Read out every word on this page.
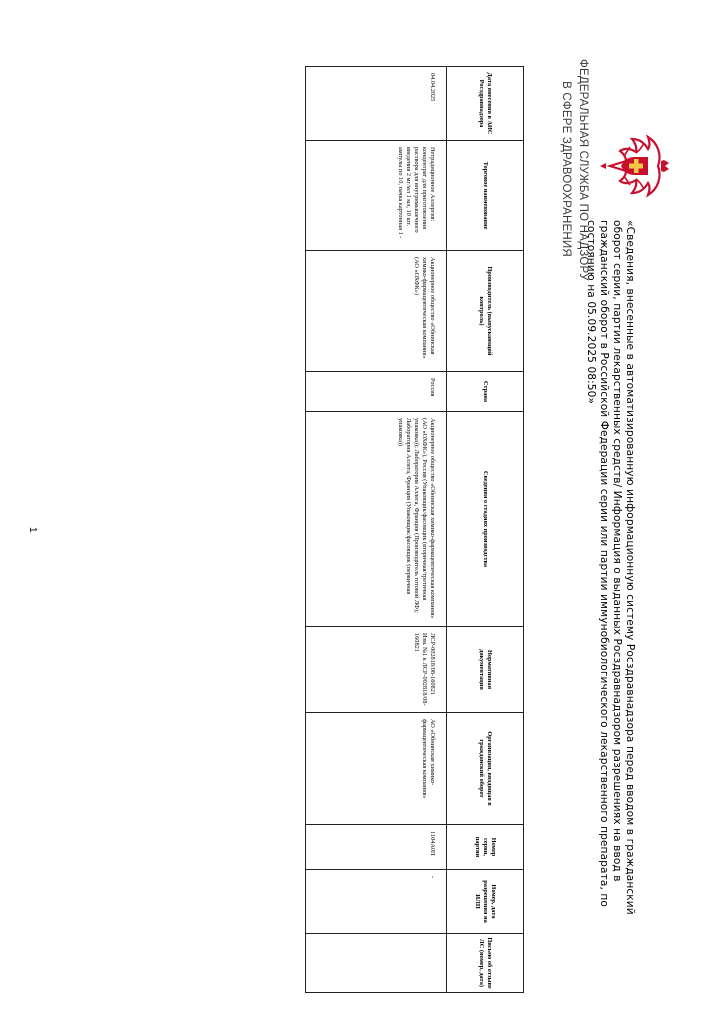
ФЕДЕРАЛЬНАЯ СЛУЖБА ПО НАДЗОРУ
В СФЕРЕ ЗДРАВООХРАНЕНИЯ
«Сведения, внесенные в автоматизированную информационную систему Росздравнадзора перед вводом в гражданский оборот серии, партии лекарственных средств/ Информация о выданных Росздравнадзором разрешениях на ввод в гражданский оборот в Российской Федерации серии или партии иммунобиологического лекарственного препарата, по состоянию на 05.09.2025 08:50»
Дата внесения в АИС Росздравнадзора	Торговое наименование	Производитель (выпускающий контроль)	Страна	Сведения о стадиях производства	Нормативная документация	Организация, вводящая в гражданский оборот	Номер серии, партии	Номер, дата разрешения на ИЛП	Письмо об отзыве ЛС (номер, дата)
04.04.2025	Нетрадиционное Аллергия: концентрат для приготовления раствора для внутримышечного введения 2 мг/мл 1 мл, 10 шт. ампулы по 10, пачка картонная 1 -	Акционерное общество «Обнинская химико-фармацевтическая компания» (АО «ОХФК»)	Россия	Акционерное общество «Обнинская химико-фармацевтическая компания» (АО «ОХФК»), Россия (Упаковщик/фасовщик (вторичная/третичная упаковка)); Лаборатория Аллега, Франция (Производитель готовой ЛФ); Лаборатория Аллега, Франция (Упаковщик/фасовщик (первичная упаковка))	ЛСР-002818/08-160821 Изм. №1 к ЛСР-002818/08-160821	АО «Обнинская химико-фармацевтическая компания»	1104А0П	-	
1
